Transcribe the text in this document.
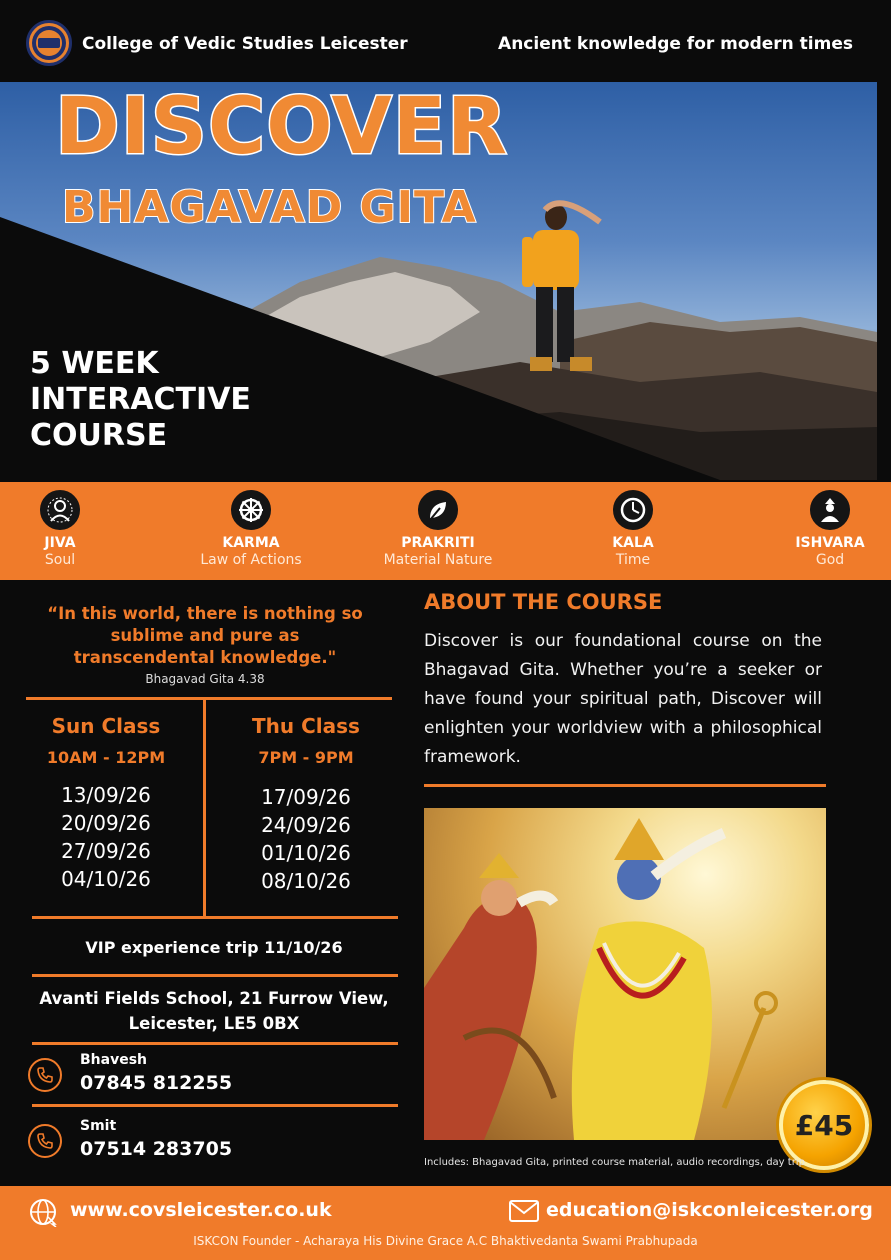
College of Vedic Studies Leicester	Ancient knowledge for modern times
DISCOVER
BHAGAVAD GITA
5 WEEK
INTERACTIVE
COURSE
JIVA
Soul
KARMA
Law of Actions
PRAKRITI
Material Nature
KALA
Time
ISHVARA
God
“In this world, there is nothing so sublime and pure as transcendental knowledge."
Bhagavad Gita 4.38
Sun Class
10AM - 12PM
13/09/26
20/09/26
27/09/26
04/10/26
Thu Class
7PM - 9PM
17/09/26
24/09/26
01/10/26
08/10/26
VIP experience trip 11/10/26
Avanti Fields School, 21 Furrow View,
Leicester, LE5 0BX
Bhavesh
07845 812255
Smit
07514 283705
ABOUT THE COURSE
Discover is our foundational course on the Bhagavad Gita. Whether you’re a seeker or have found your spiritual path, Discover will enlighten your worldview with a philosophical framework.
£45
Includes: Bhagavad Gita, printed course material, audio recordings, day trip
www.covsleicester.co.uk	education@iskconleicester.org
ISKCON Founder - Acharaya His Divine Grace A.C Bhaktivedanta Swami Prabhupada
